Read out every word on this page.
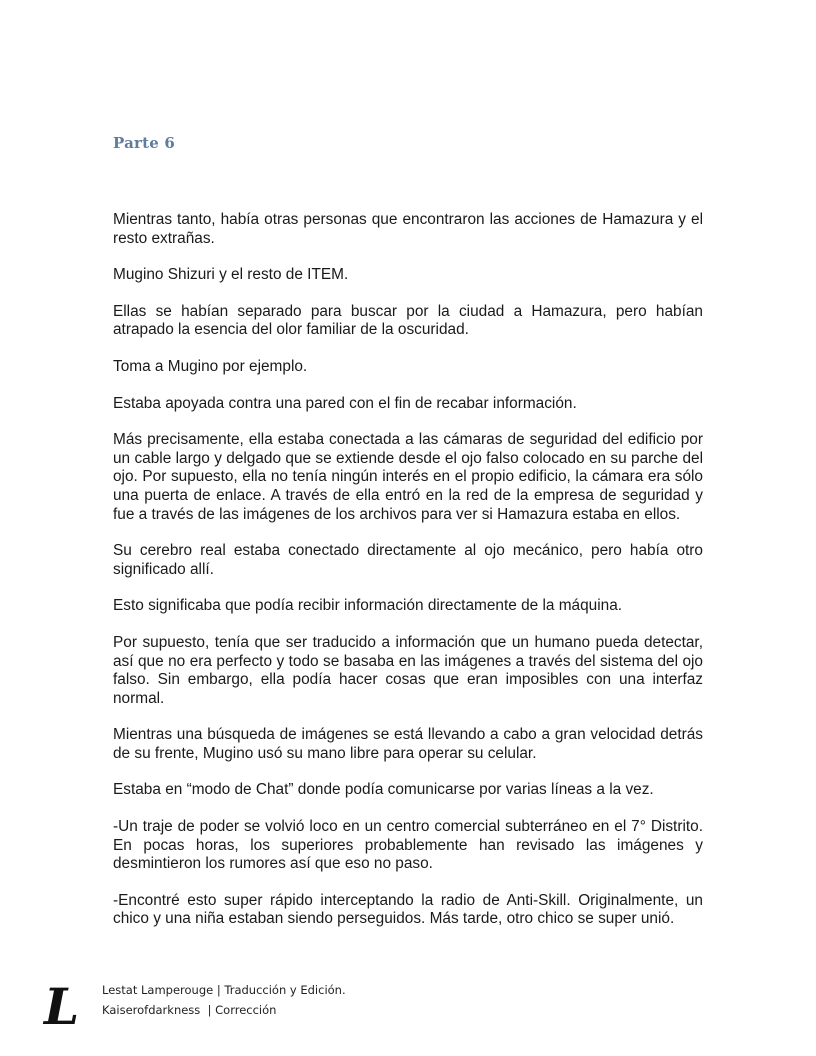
Parte 6

Mientras tanto, había otras personas que encontraron las acciones de Hamazura y el resto extrañas.

Mugino Shizuri y el resto de ITEM.

Ellas se habían separado para buscar por la ciudad a Hamazura, pero habían atrapado la esencia del olor familiar de la oscuridad.

Toma a Mugino por ejemplo.

Estaba apoyada contra una pared con el fin de recabar información.

Más precisamente, ella estaba conectada a las cámaras de seguridad del edificio por un cable largo y delgado que se extiende desde el ojo falso colocado en su parche del ojo. Por supuesto, ella no tenía ningún interés en el propio edificio, la cámara era sólo una puerta de enlace. A través de ella entró en la red de la empresa de seguridad y fue a través de las imágenes de los archivos para ver si Hamazura estaba en ellos.

Su cerebro real estaba conectado directamente al ojo mecánico, pero había otro significado allí.

Esto significaba que podía recibir información directamente de la máquina.

Por supuesto, tenía que ser traducido a información que un humano pueda detectar, así que no era perfecto y todo se basaba en las imágenes a través del sistema del ojo falso. Sin embargo, ella podía hacer cosas que eran imposibles con una interfaz normal.

Mientras una búsqueda de imágenes se está llevando a cabo a gran velocidad detrás de su frente, Mugino usó su mano libre para operar su celular.

Estaba en “modo de Chat” donde podía comunicarse por varias líneas a la vez.

-Un traje de poder se volvió loco en un centro comercial subterráneo en el 7° Distrito. En pocas horas, los superiores probablemente han revisado las imágenes y desmintieron los rumores así que eso no paso.

-Encontré esto super rápido interceptando la radio de Anti-Skill. Originalmente, un chico y una niña estaban siendo perseguidos. Más tarde, otro chico se super unió.

L Lestat Lamperouge | Traducción y Edición.
Kaiserofdarkness  | Corrección
